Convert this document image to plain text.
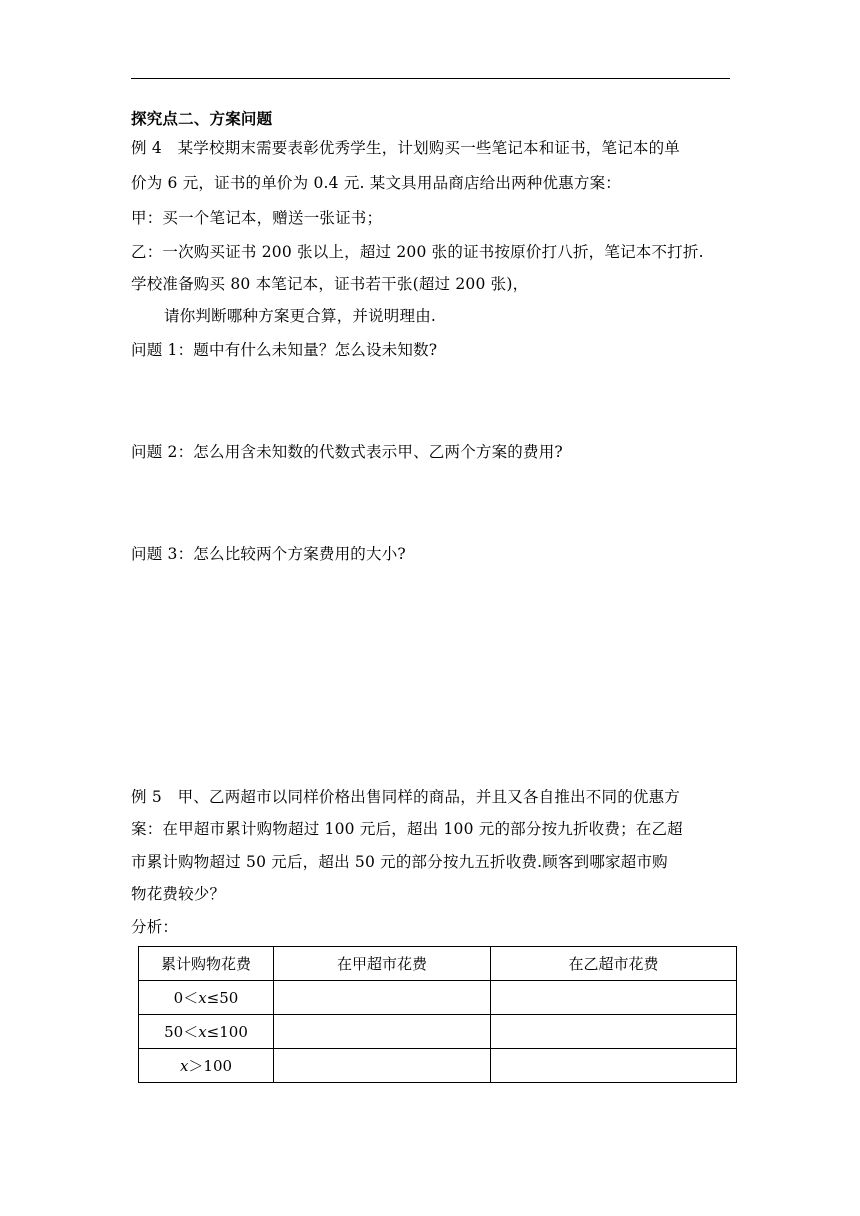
探究点二、方案问题
例 4　某学校期末需要表彰优秀学生，计划购买一些笔记本和证书，笔记本的单
价为 6 元，证书的单价为 0.4 元. 某文具用品商店给出两种优惠方案：
甲：买一个笔记本，赠送一张证书；
乙：一次购买证书 200 张以上，超过 200 张的证书按原价打八折，笔记本不打折.
学校准备购买 80 本笔记本，证书若干张(超过 200 张)，
请你判断哪种方案更合算，并说明理由.
问题 1：题中有什么未知量？怎么设未知数?
问题 2：怎么用含未知数的代数式表示甲、乙两个方案的费用?
问题 3：怎么比较两个方案费用的大小?
例 5　甲、乙两超市以同样价格出售同样的商品，并且又各自推出不同的优惠方
案：在甲超市累计购物超过 100 元后，超出 100 元的部分按九折收费；在乙超
市累计购物超过 50 元后，超出 50 元的部分按九五折收费.顾客到哪家超市购
物花费较少？
分析：
累计购物花费	在甲超市花费	在乙超市花费
0＜x≤50		
50＜x≤100		
x＞100		
